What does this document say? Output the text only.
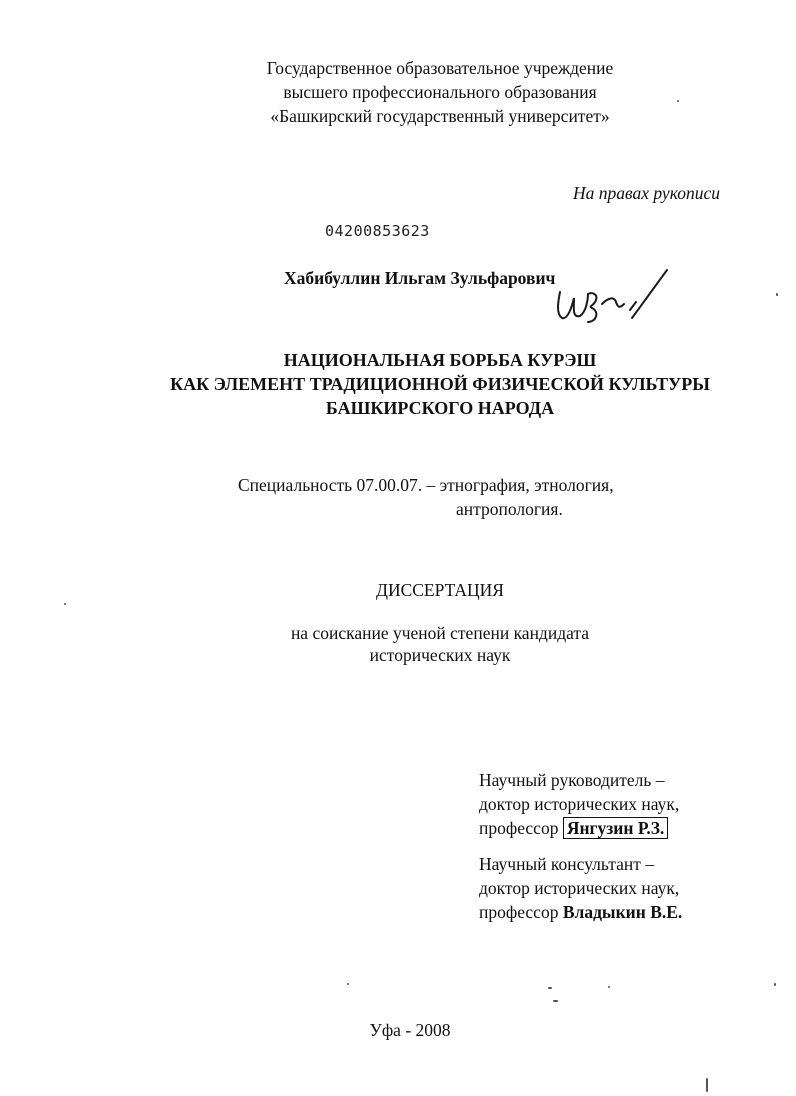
Государственное образовательное учреждение
высшего профессионального образования
«Башкирский государственный университет»
На правах рукописи
04200853623
Хабибуллин Ильгам Зульфарович
НАЦИОНАЛЬНАЯ БОРЬБА КУРЭШ
КАК ЭЛЕМЕНТ ТРАДИЦИОННОЙ ФИЗИЧЕСКОЙ КУЛЬТУРЫ
БАШКИРСКОГО НАРОДА
Специальность 07.00.07. – этнография, этнология,
антропология.
ДИССЕРТАЦИЯ
на соискание ученой степени кандидата
исторических наук
Научный руководитель –
доктор исторических наук,
профессор Янгузин Р.З.
Научный консультант –
доктор исторических наук,
профессор Владыкин В.Е.
Уфа - 2008
